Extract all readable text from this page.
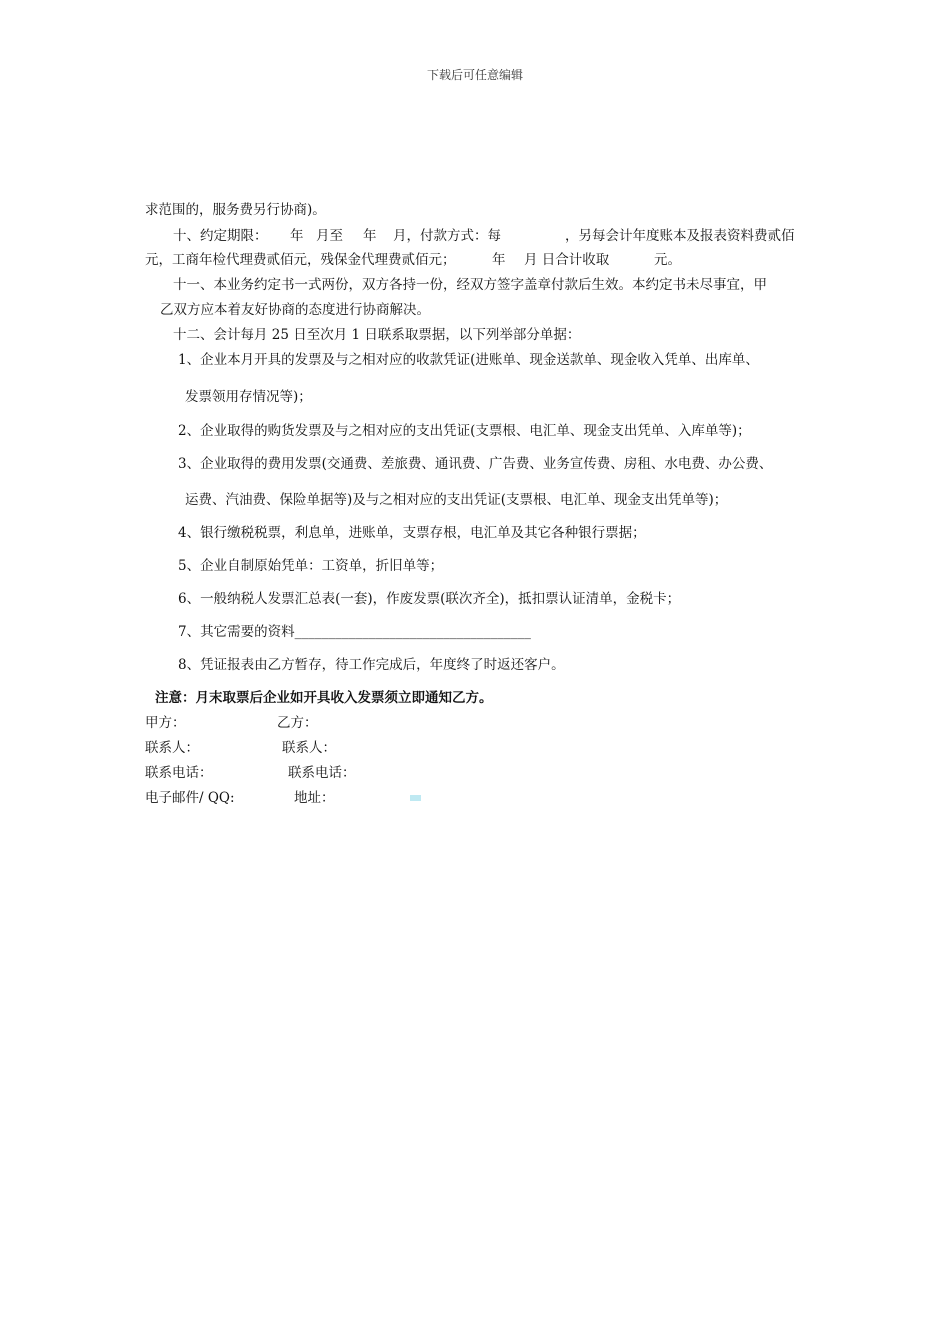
下载后可任意编辑
求范围的，服务费另行协商)。
十、约定期限： 年 月至 年 月，付款方式：每	，另每会计年度账本及报表资料费贰佰
元，工商年检代理费贰佰元，残保金代理费贰佰元；	年 月 日合计收取	元。
十一、本业务约定书一式两份，双方各持一份，经双方签字盖章付款后生效。本约定书未尽事宜，甲
乙双方应本着友好协商的态度进行协商解决。
十二、会计每月 25 日至次月 1 日联系取票据，以下列举部分单据：
1、企业本月开具的发票及与之相对应的收款凭证(进账单、现金送款单、现金收入凭单、出库单、
发票领用存情况等)；
2、企业取得的购货发票及与之相对应的支出凭证(支票根、电汇单、现金支出凭单、入库单等)；
3、企业取得的费用发票(交通费、差旅费、通讯费、广告费、业务宣传费、房租、水电费、办公费、
运费、汽油费、保险单据等)及与之相对应的支出凭证(支票根、电汇单、现金支出凭单等)；
4、银行缴税税票，利息单，进账单，支票存根，电汇单及其它各种银行票据；
5、企业自制原始凭单：工资单，折旧单等；
6、一般纳税人发票汇总表(一套)，作废发票(联次齐全)，抵扣票认证清单，金税卡；
7、其它需要的资料___________________________________
8、凭证报表由乙方暂存，待工作完成后，年度终了时返还客户。
注意：月末取票后企业如开具收入发票须立即通知乙方。
甲方：	乙方：
联系人：	联系人：
联系电话：	联系电话：
电子邮件/ QQ:	地址：
